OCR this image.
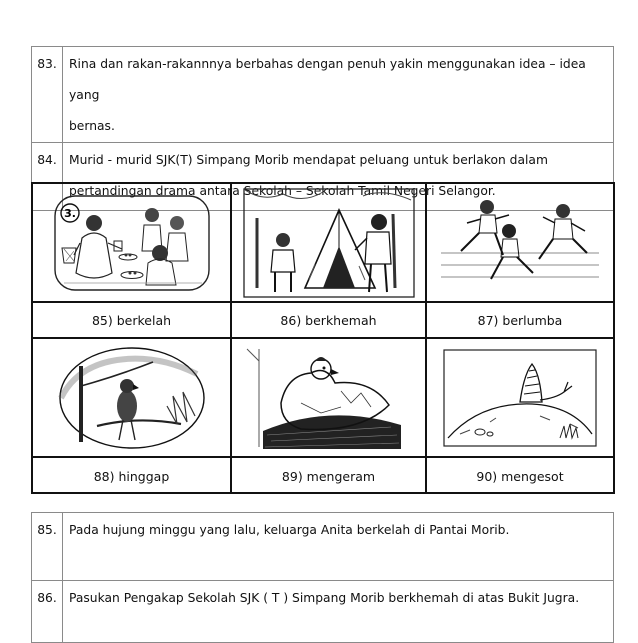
83.	Rina dan rakan-rakannnya berbahas dengan penuh yakin menggunakan idea – idea yang
bernas.

84.	Murid - murid SJK(T) Simpang Morib mendapat peluang untuk berlakon dalam
pertandingan drama antara Sekolah – Sekolah Tamil Negeri Selangor.
3.
85) berkelah	86) berkhemah	87) berlumba
88) hinggap	89) mengeram	90) mengesot
85.	Pada hujung minggu yang lalu, keluarga Anita berkelah di Pantai Morib.
86.	Pasukan Pengakap Sekolah SJK ( T ) Simpang Morib berkhemah di atas Bukit Jugra.
